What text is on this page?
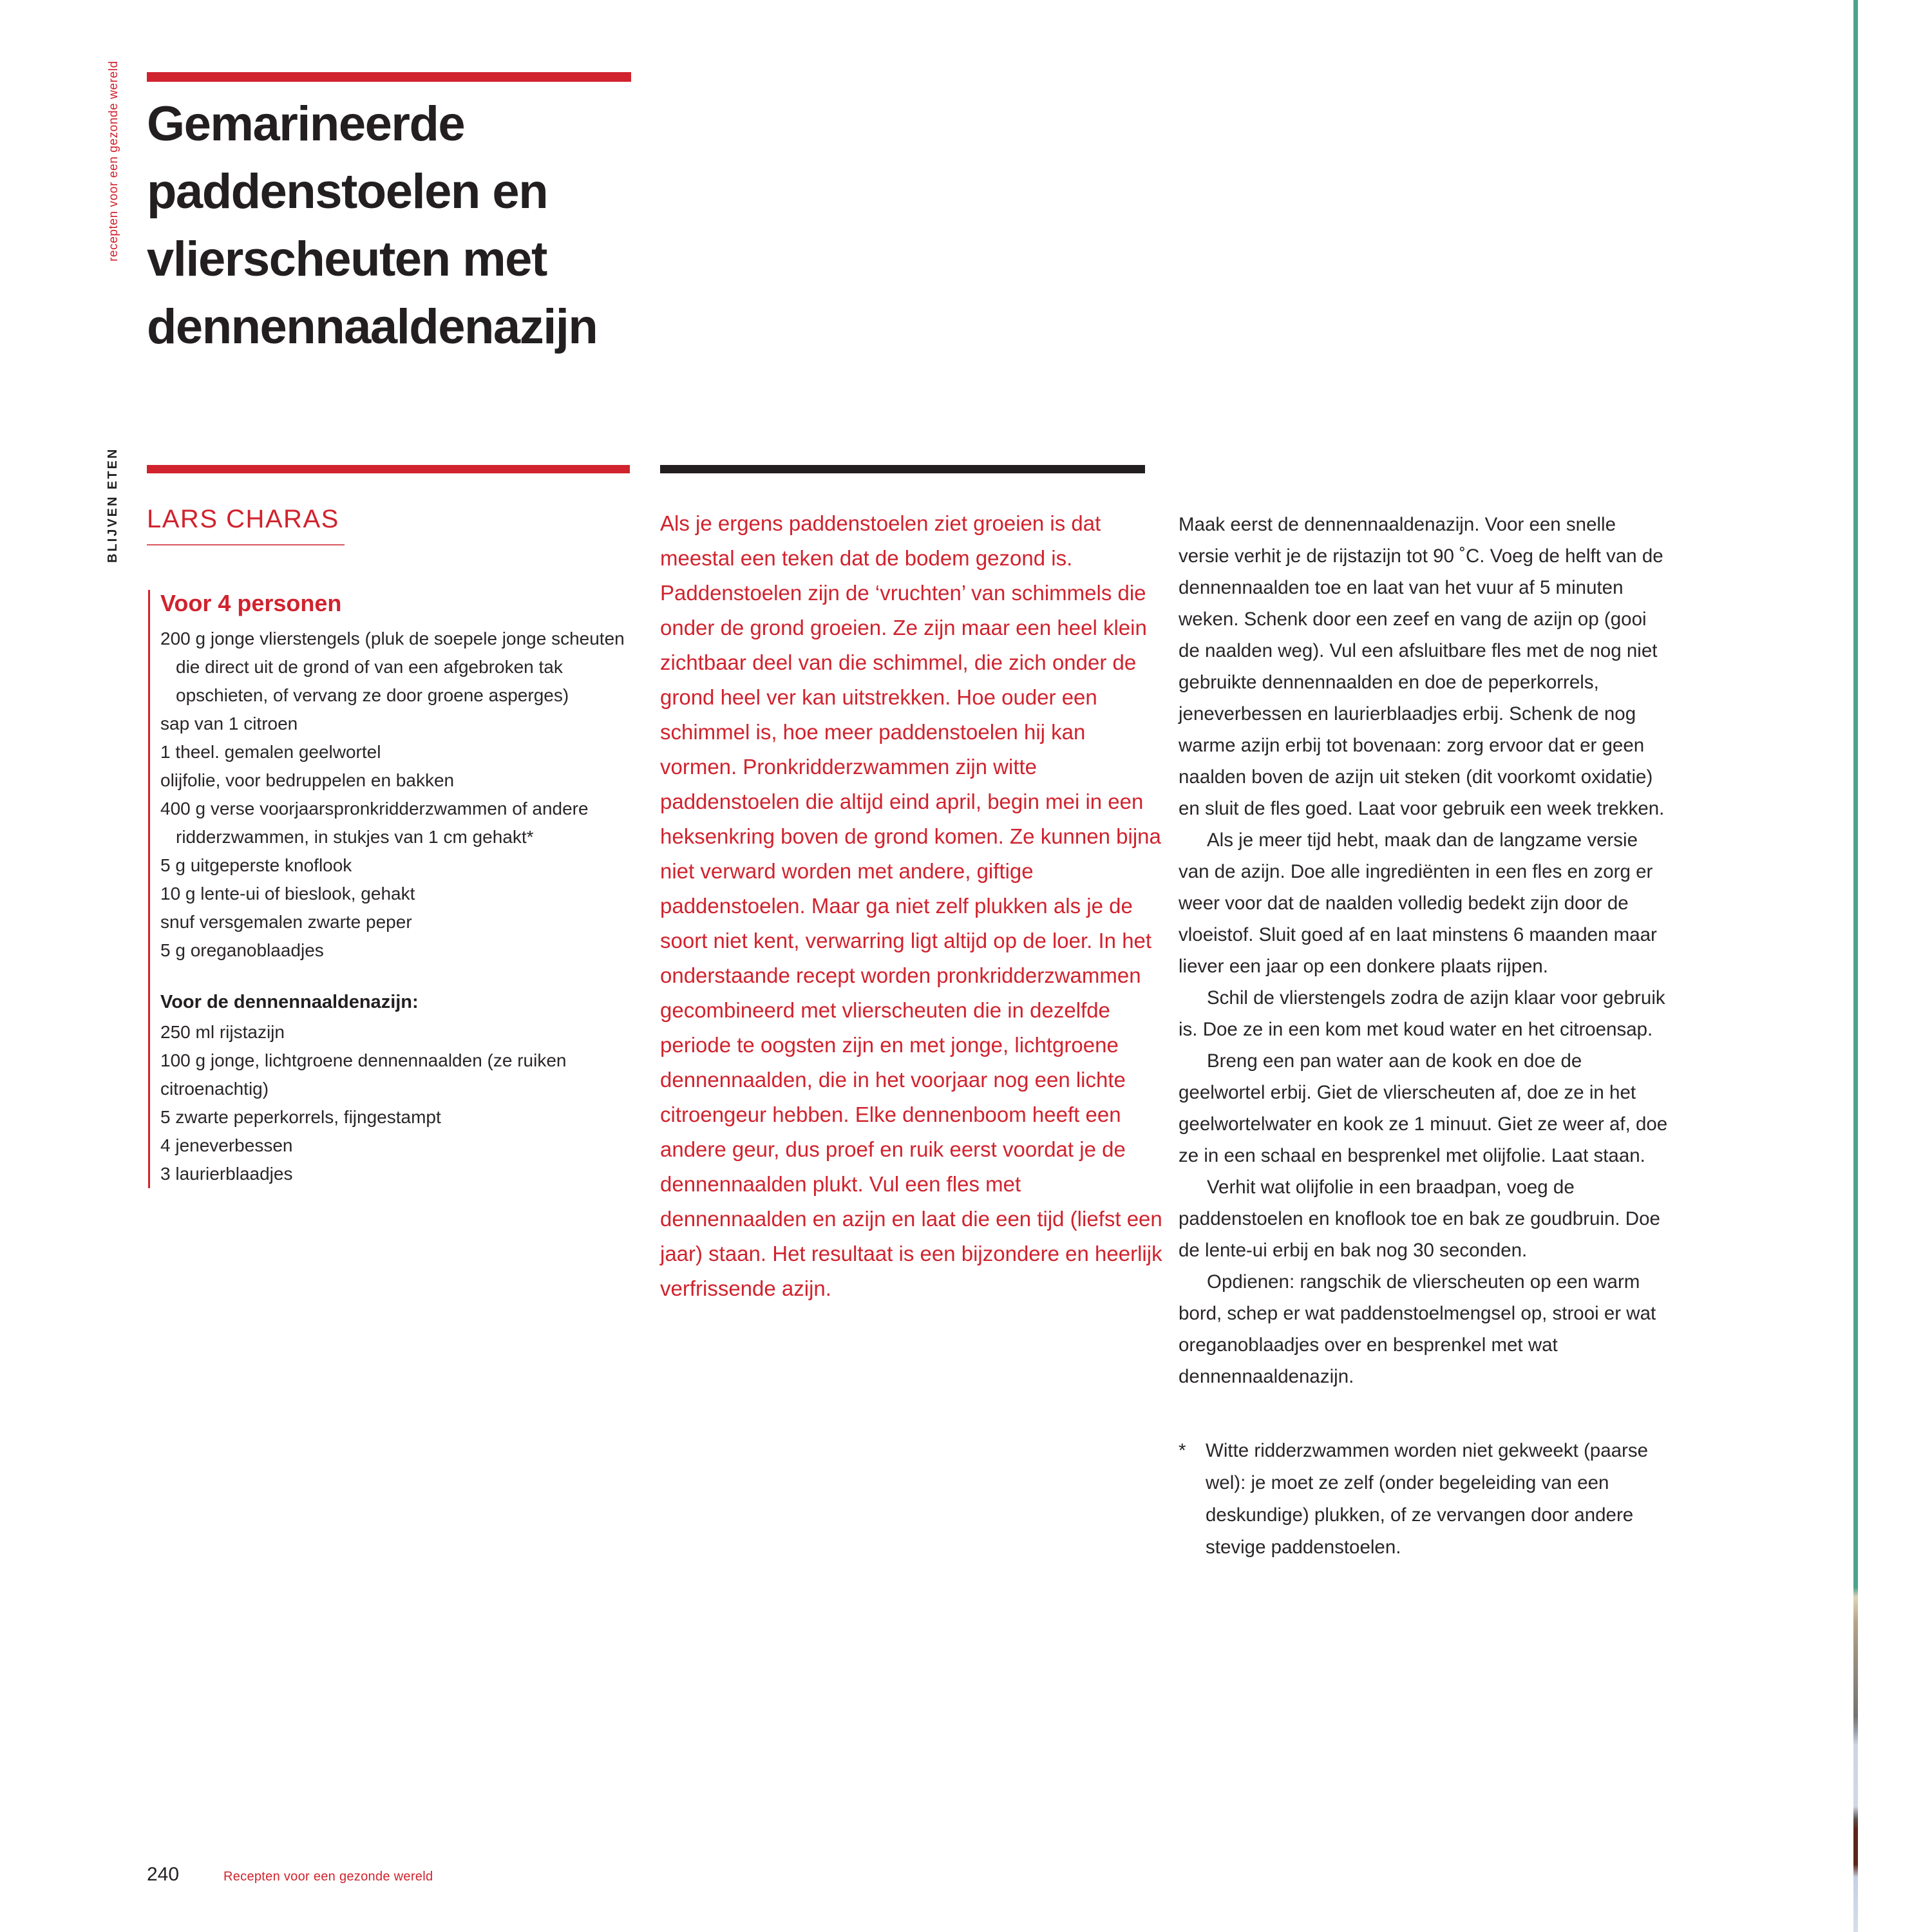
recepten voor een gezonde wereld
BLIJVEN ETEN
Gemarineerde paddenstoelen en vlierscheuten met dennennaaldenazijn
LARS CHARAS
Voor 4 personen
200 g jonge vlierstengels (pluk de soepele jonge scheuten die direct uit de grond of van een afgebroken tak opschieten, of vervang ze door groene asperges)
sap van 1 citroen
1 theel. gemalen geelwortel
olijfolie, voor bedruppelen en bakken
400 g verse voorjaarspronkridderzwammen of andere ridderzwammen, in stukjes van 1 cm gehakt*
5 g uitgeperste knoflook
10 g lente-ui of bieslook, gehakt
snuf versgemalen zwarte peper
5 g oreganoblaadjes
Voor de dennennaaldenazijn:
250 ml rijstazijn
100 g jonge, lichtgroene dennennaalden (ze ruiken citroenachtig)
5 zwarte peperkorrels, fijngestampt
4 jeneverbessen
3 laurierblaadjes
Als je ergens paddenstoelen ziet groeien is dat meestal een teken dat de bodem gezond is. Paddenstoelen zijn de ‘vruchten’ van schimmels die onder de grond groeien. Ze zijn maar een heel klein zichtbaar deel van die schimmel, die zich onder de grond heel ver kan uitstrekken. Hoe ouder een schimmel is, hoe meer paddenstoelen hij kan vormen. Pronkridderzwammen zijn witte paddenstoelen die altijd eind april, begin mei in een heksenkring boven de grond komen. Ze kunnen bijna niet verward worden met andere, giftige paddenstoelen. Maar ga niet zelf plukken als je de soort niet kent, verwarring ligt altijd op de loer. In het onderstaande recept worden pronkridderzwammen gecombineerd met vlierscheuten die in dezelfde periode te oogsten zijn en met jonge, lichtgroene dennennaalden, die in het voorjaar nog een lichte citroengeur hebben. Elke dennenboom heeft een andere geur, dus proef en ruik eerst voordat je de dennennaalden plukt. Vul een fles met dennennaalden en azijn en laat die een tijd (liefst een jaar) staan. Het resultaat is een bijzondere en heerlijk verfrissende azijn.

Maak eerst de dennennaaldenazijn. Voor een snelle versie verhit je de rijstazijn tot 90 ˚C. Voeg de helft van de dennennaalden toe en laat van het vuur af 5 minuten weken. Schenk door een zeef en vang de azijn op (gooi de naalden weg). Vul een afsluitbare fles met de nog niet gebruikte dennennaalden en doe de peperkorrels, jeneverbessen en laurierblaadjes erbij. Schenk de nog warme azijn erbij tot bovenaan: zorg ervoor dat er geen naalden boven de azijn uit steken (dit voorkomt oxidatie) en sluit de fles goed. Laat voor gebruik een week trekken.

Als je meer tijd hebt, maak dan de langzame versie van de azijn. Doe alle ingrediënten in een fles en zorg er weer voor dat de naalden volledig bedekt zijn door de vloeistof. Sluit goed af en laat minstens 6 maanden maar liever een jaar op een donkere plaats rijpen.

Schil de vlierstengels zodra de azijn klaar voor gebruik is. Doe ze in een kom met koud water en het citroensap.

Breng een pan water aan de kook en doe de geelwortel erbij. Giet de vlierscheuten af, doe ze in het geelwortelwater en kook ze 1 minuut. Giet ze weer af, doe ze in een schaal en besprenkel met olijfolie. Laat staan.

Verhit wat olijfolie in een braadpan, voeg de paddenstoelen en knoflook toe en bak ze goudbruin. Doe de lente-ui erbij en bak nog 30 seconden.

Opdienen: rangschik de vlierscheuten op een warm bord, schep er wat paddenstoelmengsel op, strooi er wat oreganoblaadjes over en besprenkel met wat dennennaaldenazijn.

*	Witte ridderzwammen worden niet gekweekt (paarse wel): je moet ze zelf (onder begeleiding van een deskundige) plukken, of ze vervangen door andere stevige paddenstoelen.
240	Recepten voor een gezonde wereld
